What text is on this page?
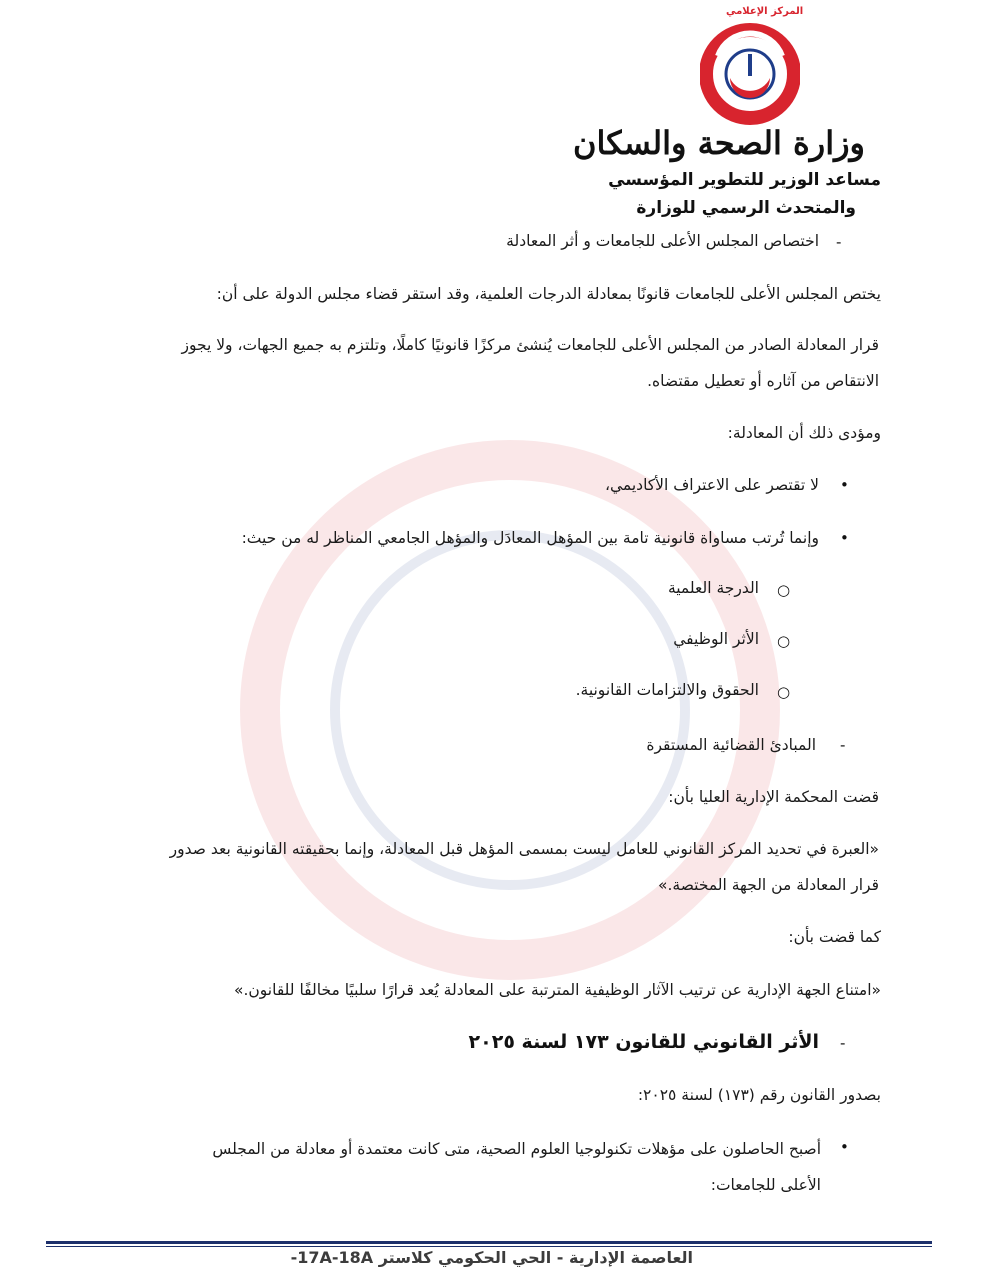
المركز الإعلامي
وزارة الصحة والسكان
مساعد الوزير للتطوير المؤسسي
والمتحدث الرسمي للوزارة
-
اختصاص المجلس الأعلى للجامعات و أثر المعادلة
يختص المجلس الأعلى للجامعات قانونًا بمعادلة الدرجات العلمية، وقد استقر قضاء مجلس الدولة على أن:
قرار المعادلة الصادر من المجلس الأعلى للجامعات يُنشئ مركزًا قانونيًا كاملًا، وتلتزم به جميع الجهات، ولا يجوز
الانتقاص من آثاره أو تعطيل مقتضاه.
ومؤدى ذلك أن المعادلة:
•
لا تقتصر على الاعتراف الأكاديمي،
•
وإنما تُرتب مساواة قانونية تامة بين المؤهل المعادَل والمؤهل الجامعي المناظر له من حيث:
○
الدرجة العلمية
○
الأثر الوظيفي
○
الحقوق والالتزامات القانونية.
-
المبادئ القضائية المستقرة
قضت المحكمة الإدارية العليا بأن:
«العبرة في تحديد المركز القانوني للعامل ليست بمسمى المؤهل قبل المعادلة، وإنما بحقيقته القانونية بعد صدور
قرار المعادلة من الجهة المختصة.»
كما قضت بأن:
«امتناع الجهة الإدارية عن ترتيب الآثار الوظيفية المترتبة على المعادلة يُعد قرارًا سلبيًا مخالفًا للقانون.»
-
الأثر القانوني للقانون ١٧٣ لسنة ٢٠٢٥
بصدور القانون رقم (١٧٣) لسنة ٢٠٢٥:
•
أصبح الحاصلون على مؤهلات تكنولوجيا العلوم الصحية، متى كانت معتمدة أو معادلة من المجلس
الأعلى للجامعات:
العاصمة الإدارية - الحي الحكومي كلاستر 17A-18A-
